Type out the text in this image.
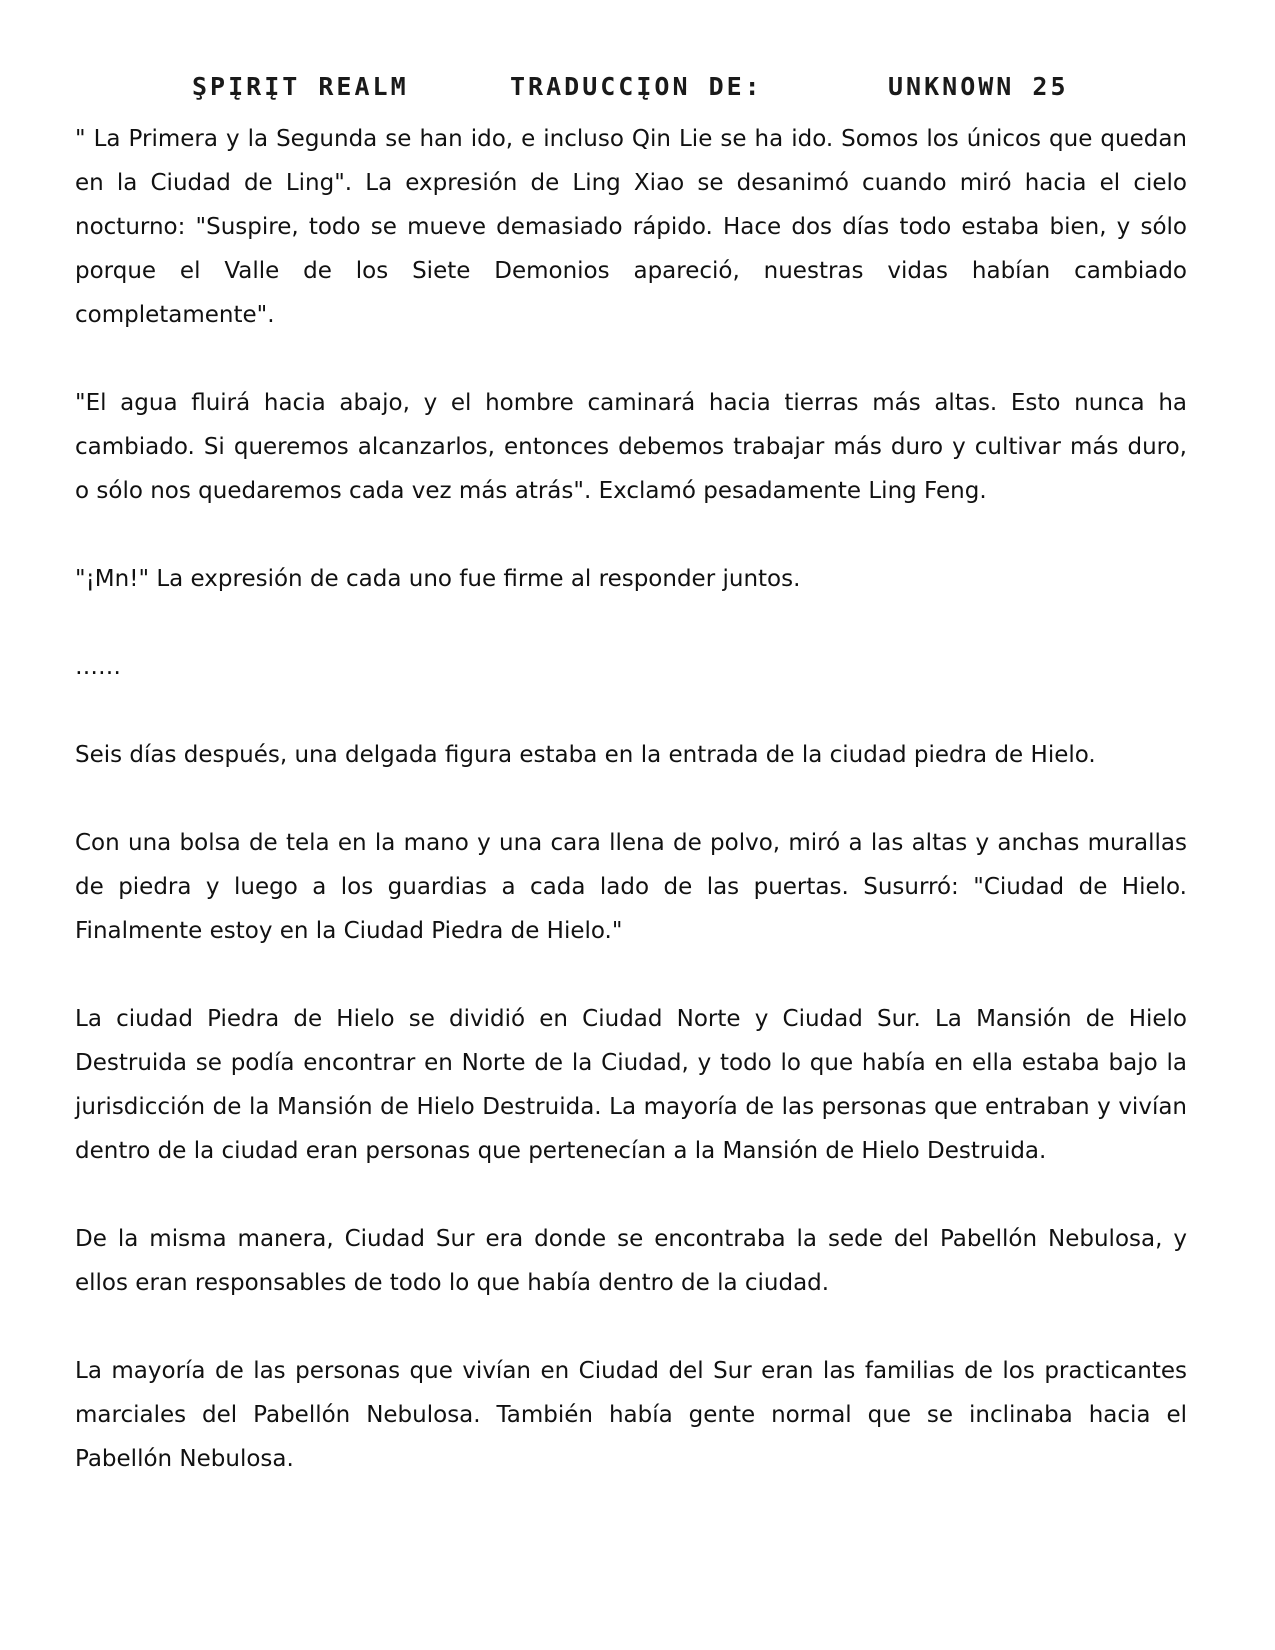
ŞPĮRĮT REALM	TRADUCCĮON DE:	UNKNOWN 25

" La Primera y la Segunda se han ido, e incluso Qin Lie se ha ido. Somos los únicos que quedan en la Ciudad de Ling". La expresión de Ling Xiao se desanimó cuando miró hacia el cielo nocturno: "Suspire, todo se mueve demasiado rápido. Hace dos días todo estaba bien, y sólo porque el Valle de los Siete Demonios apareció, nuestras vidas habían cambiado completamente".

"El agua fluirá hacia abajo, y el hombre caminará hacia tierras más altas. Esto nunca ha cambiado. Si queremos alcanzarlos, entonces debemos trabajar más duro y cultivar más duro, o sólo nos quedaremos cada vez más atrás". Exclamó pesadamente Ling Feng.

"¡Mn!" La expresión de cada uno fue firme al responder juntos.

……

Seis días después, una delgada figura estaba en la entrada de la ciudad piedra de Hielo.

Con una bolsa de tela en la mano y una cara llena de polvo, miró a las altas y anchas murallas de piedra y luego a los guardias a cada lado de las puertas. Susurró: "Ciudad de Hielo. Finalmente estoy en la Ciudad Piedra de Hielo."

La ciudad Piedra de Hielo se dividió en Ciudad Norte y Ciudad Sur. La Mansión de Hielo Destruida se podía encontrar en Norte de la Ciudad, y todo lo que había en ella estaba bajo la jurisdicción de la Mansión de Hielo Destruida. La mayoría de las personas que entraban y vivían dentro de la ciudad eran personas que pertenecían a la Mansión de Hielo Destruida.

De la misma manera, Ciudad Sur era donde se encontraba la sede del Pabellón Nebulosa, y ellos eran responsables de todo lo que había dentro de la ciudad.

La mayoría de las personas que vivían en Ciudad del Sur eran las familias de los practicantes marciales del Pabellón Nebulosa. También había gente normal que se inclinaba hacia el Pabellón Nebulosa.
